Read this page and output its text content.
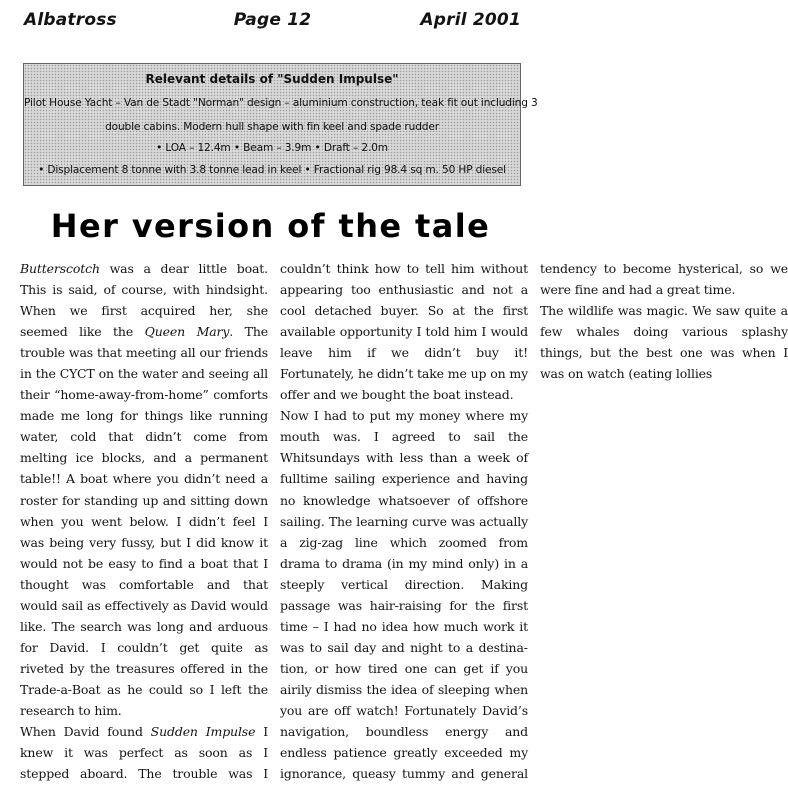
Albatross	Page 12	April 2001
Relevant details of "Sudden Impulse"
Pilot House Yacht – Van de Stadt "Norman" design – aluminium construction, teak fit out including 3
double cabins. Modern hull shape with fin keel and spade rudder
• LOA – 12.4m • Beam – 3.9m • Draft – 2.0m
• Displacement 8 tonne with 3.8 tonne lead in keel • Fractional rig 98.4 sq m. 50 HP diesel
Her version of the tale

Butterscotch was a dear little boat. This is said, of course, with hindsight. When we first acquired her, she seemed like the Queen Mary. The trouble was that meeting all our friends in the CYCT on the water and seeing all their “home-away-from-home” comforts made me long for things like running water, cold that didn’t come from melting ice blocks, and a permanent table!! A boat where you didn’t need a roster for standing up and sitting down when you went below. I didn’t feel I was being very fussy, but I did know it would not be easy to find a boat that I thought was comfortable and that would sail as effectively as David would like. The search was long and arduous for David. I couldn’t get quite as riveted by the treasures offered in the Trade-a-Boat as he could so I left the research to him.

When David found Sudden Impulse I knew it was perfect as soon as I stepped aboard. The trouble was I couldn’t think how to tell him without appearing too enthusiastic and not a cool detached buyer. So at the first available opportunity I told him I would leave him if we didn’t buy it! Fortunately, he didn’t take me up on my offer and we bought the boat instead.

Now I had to put my money where my mouth was. I agreed to sail the Whitsundays with less than a week of fulltime sailing experience and having no knowledge whatsoever of offshore sailing. The learning curve was actually a zig-zag line which zoomed from drama to drama (in my mind only) in a steeply vertical direction. Making passage was hair-raising for the first time – I had no idea how much work it was to sail day and night to a destination, or how tired one can get if you airily dismiss the idea of sleeping when you are off watch! Fortunately David’s navigation, boundless energy and endless patience greatly exceeded my ignorance, queasy tummy and general tendency to become hysterical, so we were fine and had a great time.

The wildlife was magic. We saw quite a few whales doing various splashy things, but the best one was when I was on watch (eating lollies
